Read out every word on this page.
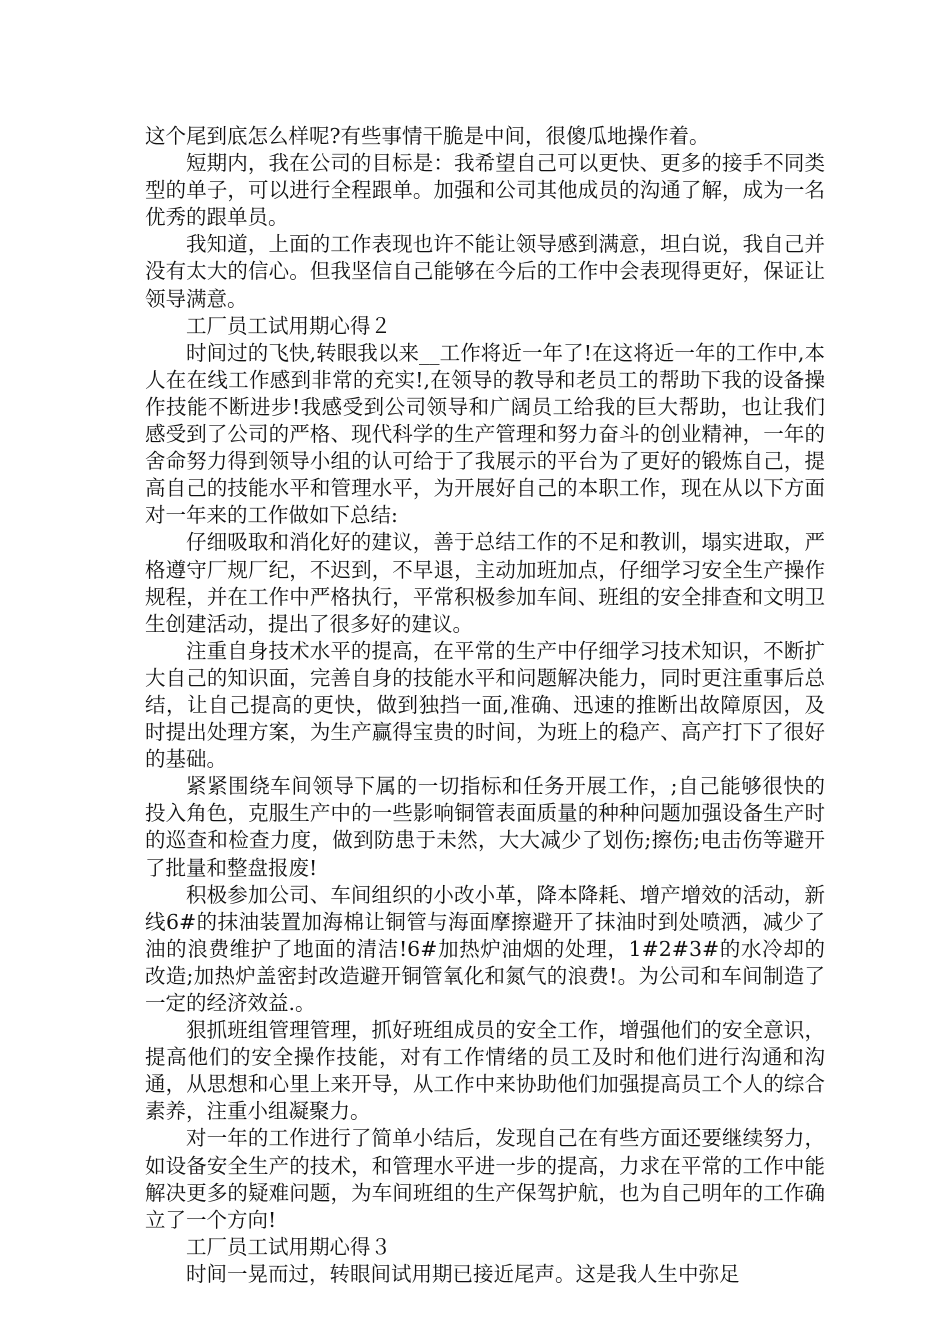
这个尾到底怎么样呢?有些事情干脆是中间，很傻瓜地操作着。

短期内，我在公司的目标是：我希望自己可以更快、更多的接手不同类型的单子，可以进行全程跟单。加强和公司其他成员的沟通了解，成为一名优秀的跟单员。

我知道，上面的工作表现也许不能让领导感到满意，坦白说，我自己并没有太大的信心。但我坚信自己能够在今后的工作中会表现得更好，保证让领导满意。

工厂员工试用期心得２

时间过的飞快,转眼我以来__工作将近一年了!在这将近一年的工作中,本人在在线工作感到非常的充实!,在领导的教导和老员工的帮助下我的设备操作技能不断进步!我感受到公司领导和广阔员工给我的巨大帮助，也让我们感受到了公司的严格、现代科学的生产管理和努力奋斗的创业精神，一年的舍命努力得到领导小组的认可给于了我展示的平台为了更好的锻炼自己，提高自己的技能水平和管理水平，为开展好自己的本职工作，现在从以下方面对一年来的工作做如下总结:

仔细吸取和消化好的建议，善于总结工作的不足和教训，塌实进取，严格遵守厂规厂纪，不迟到，不早退，主动加班加点，仔细学习安全生产操作规程，并在工作中严格执行，平常积极参加车间、班组的安全排查和文明卫生创建活动，提出了很多好的建议。

注重自身技术水平的提高，在平常的生产中仔细学习技术知识，不断扩大自己的知识面，完善自身的技能水平和问题解决能力，同时更注重事后总结，让自己提高的更快，做到独挡一面,准确、迅速的推断出故障原因，及时提出处理方案，为生产赢得宝贵的时间，为班上的稳产、高产打下了很好的基础。

紧紧围绕车间领导下属的一切指标和任务开展工作，;自己能够很快的投入角色，克服生产中的一些影响铜管表面质量的种种问题加强设备生产时的巡查和检查力度，做到防患于未然，大大减少了划伤;擦伤;电击伤等避开了批量和整盘报废!

积极参加公司、车间组织的小改小革，降本降耗、增产增效的活动，新线6#的抹油装置加海棉让铜管与海面摩擦避开了抹油时到处喷洒，减少了油的浪费维护了地面的清洁!6#加热炉油烟的处理，1#2#3#的水冷却的改造;加热炉盖密封改造避开铜管氧化和氮气的浪费!。为公司和车间制造了一定的经济效益.。

狠抓班组管理管理，抓好班组成员的安全工作，增强他们的安全意识，提高他们的安全操作技能，对有工作情绪的员工及时和他们进行沟通和沟通，从思想和心里上来开导，从工作中来协助他们加强提高员工个人的综合素养，注重小组凝聚力。

对一年的工作进行了简单小结后，发现自己在有些方面还要继续努力，如设备安全生产的技术，和管理水平进一步的提高，力求在平常的工作中能解决更多的疑难问题，为车间班组的生产保驾护航，也为自己明年的工作确立了一个方向!

工厂员工试用期心得３

时间一晃而过，转眼间试用期已接近尾声。这是我人生中弥足
